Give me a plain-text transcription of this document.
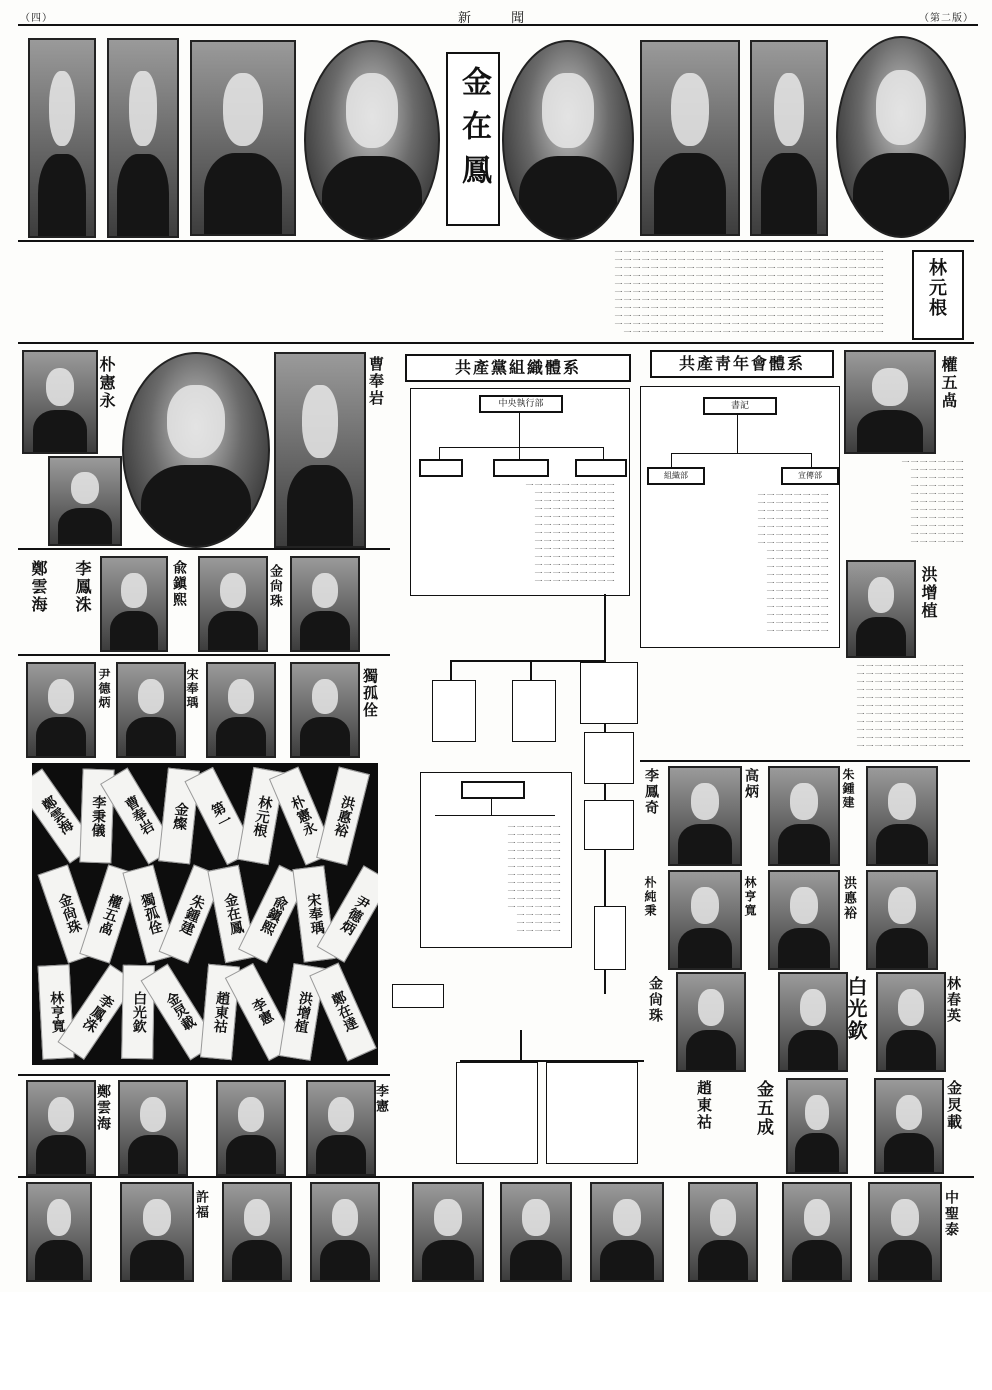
（四）	新 聞	（第二版）
金在鳳
一一一一一一一一一一一一一一一一一一一一一一一一一一一一一一一一一一一一一一一一一一一一一一一一一一一一一一一一一一一一一一一一一一一一一一一一一一一一一一一一一一一一一一一一一一一一一一一一一一一一一一一一一一一一一一一一一一一一一一一一一一一一一一一一一一一一一一一一一一一一一一一一一一一一一一一一一一一一一一一一一一一一一一一一一一一一一一一一一一一一一一一一一一一一一一一一一一一一一一一一一一一一一一一一一一一一一一一一一一一一一一一一一一一一一一一一一一一一一一一一一一一一一一一一一一一一一一一一一一一一一一一一一一一一一一一一一一一一一一一一一一一一一一一一一一一一一一一一一一一一一一一一一一一一一一一一一一一一一一一一一一一一一一一一一	林元根
朴憲永	曹奉岩
鄭雲海 李鳳洙	兪鎭熙	金尙珠
尹德炳	宋奉瑀	獨孤佺
鄭雲海 李秉儀	曹奉岩	金燦	第一	林元根 朴憲永 洪悳裕
金尙珠 權五卨 獨孤佺 朱鍾建 金在鳳 兪鎭熙	宋奉瑀 尹德炳
林亨寬 李鳳洙	白光欽	金炅載 趙東祜	李憲	洪增植 鄭在達
共產黨組織體系	共產靑年會體系
中央執行部
一一一一一一一一一一一一一一一一一一一一一一一一一一一一一一一一一一一一一一一一一一一一一一一一一一一一一一一一一一一一一一一一一一一一一一一一一一一一一一一一一一一一一一一一一一一一一一一一一一一一一一一一一一一一一一一一一一一一一一
書記
組織部	宣傳部
一一一一一一一一一一一一一一一一一一一一一一一一一一一一一一一一一一一一一一一一一一一一一一一一一一一一一一一一一一一一一一一一一一一一一一一一一一一一一一一一一一一一一一一一一一一一一一一一一一一一一一一一一一一一一一一一一一一一一一一一一一一一一一一一一一一一一
一一一一一一一一一一一一一一一一一一一一一一一一一一一一一一一一一一一一一一一一一一一一一一一一一一一一一一一一一一一一一一一一一一一一一一一一一一一一一一一一一
權五卨
一一一一一一一一一一一一一一一一一一一一一一一一一一一一一一一一一一一一一一一一一一一一一一一一一一一一一一一一一一一一一一一一一一一
洪增植
一一一一一一一一一一一一一一一一一一一一一一一一一一一一一一一一一一一一一一一一一一一一一一一一一一一一一一一一一一一一一一一一一一一一一一一一一一一一一一一一一一一一一一一一一一一一一一一一一一一一一一一一一一一一一一一一一一一一一一一一一一一一一一一一一一一一
李鳳奇	高炳	朱鍾建
朴純秉	林亨寬	洪悳裕
金尙珠	白光欽	林春英
趙東祜 金五成	金炅載
鄭雲海	李憲
許福	中聖泰
